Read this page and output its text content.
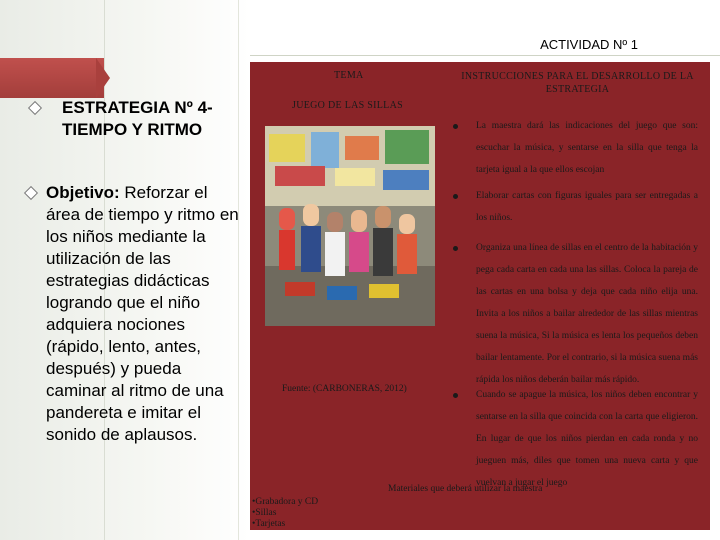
ACTIVIDAD Nº 1
ESTRATEGIA Nº 4- TIEMPO Y RITMO
Objetivo: Reforzar el área de tiempo y ritmo en los niños mediante la utilización de las estrategias didácticas logrando que el niño adquiera nociones (rápido, lento, antes, después) y pueda caminar al ritmo de una pandereta e imitar el sonido de aplausos.
TEMA	INSTRUCCIONES PARA EL DESARROLLO DE LA ESTRATEGIA
JUEGO DE LAS SILLAS
Fuente: (CARBONERAS, 2012)
La maestra dará las indicaciones del juego que son: escuchar la música, y sentarse en la silla que tenga la tarjeta igual a la que ellos escojan
Elaborar cartas con figuras iguales para ser entregadas a los niños.
Organiza una línea de sillas en el centro de la habitación y pega cada carta en cada una las sillas. Coloca la pareja de las cartas en una bolsa y deja que cada niño elija una. Invita a los niños a bailar alrededor de las sillas mientras suena la música, Si la música es lenta los pequeños deben bailar lentamente. Por el contrario, si la música suena más rápida los niños deberán bailar más rápido.
Cuando se apague la música, los niños deben encontrar y sentarse en la silla que coincida con la carta que eligieron. En lugar de que los niños pierdan en cada ronda y no jueguen más, diles que tomen una nueva carta y que vuelvan a jugar el juego
Materiales que deberá utilizar la maestra
•Grabadora y CD
•Sillas
•Tarjetas
